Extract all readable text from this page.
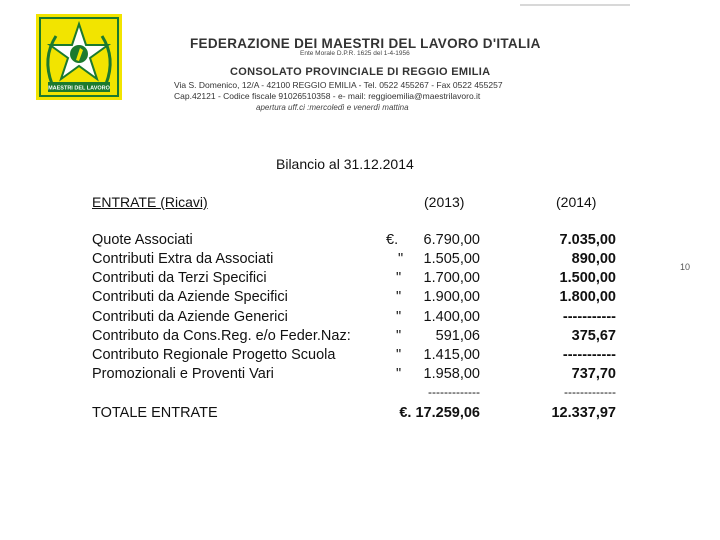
MAESTRI DEL LAVORO
FEDERAZIONE DEI MAESTRI DEL LAVORO D'ITALIA
Ente Morale D.P.R. 1625 del 1-4-1956
CONSOLATO PROVINCIALE DI REGGIO EMILIA
Via S. Domenico, 12/A - 42100 REGGIO EMILIA - Tel. 0522 455267 - Fax 0522 455257
Cap.42121 - Codice fiscale 91026510358 - e- mail: reggioemilia@maestrilavoro.it
apertura uff.ci :mercoledì e venerdì mattina
Bilancio al 31.12.2014
ENTRATE (Ricavi)	(2013)	(2014)
Quote Associati	€.	6.790,00	7.035,00
Contributi Extra da Associati	"	1.505,00	890,00
Contributi da Terzi Specifici	"	1.700,00	1.500,00
Contributi da Aziende Specifici	"	1.900,00	1.800,00
Contributi da Aziende Generici	"	1.400,00	-----------
Contributo da Cons.Reg. e/o Feder.Naz:	"	591,06	375,67
Contributo Regionale Progetto Scuola	"	1.415,00	-----------
Promozionali e Proventi Vari	"	1.958,00	737,70
-------------	-------------
TOTALE ENTRATE	€. 17.259,06	12.337,97
10
